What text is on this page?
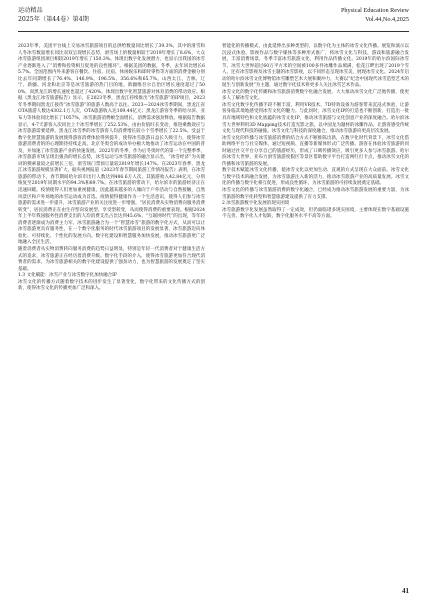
运动精品
2025年（第44卷）第4期
Physical Education Review
Vol.44,No.4,2025

2023年季，美团平台线上交易冰雪旅游项目的总供给数量同比增长了39.3%，其中的滑雪和人冬冰雪数量增长同比双双呈现增长态势，滑雪场上的数量相较于2019年增长了8.6%，大众冰雪旅游组团项目相较2019年增长了150.3%。体现出数字化发展潜力，也显示出我国的冰雪产业逐渐进入了“消费和投资相互促进的良性循环”。根据美团的数据，冬季，去年同比增长65.7%。全国范围内外来游客在餐饮、住宿、民宿、休闲娱乐和即时零售等方面的消费金额分别比去年同期增长了76.4%、146.9%、196.5%、356.6%和65.7%。山西太江、吉林、辽宁、新疆、河北和北京等是冰雪旅游的热门目的地。新疆维吾尔自治区增长速度超过了500%，而黑龙江的增长速度也超过了420%。体现出数字化智慧旅游对体育消费的带动效应。根据《黑龙江冰雪旅游报告》显示，在2023冬季，黑龙江持续推出“冰雪旅游”的IP项目，2023年冬季期间黑龙江接待“冰雪旅游”的旅游人数高于以往。2023—2024冰雪季期间，黑龙江省OTA旅游人数达4302.1万人次，OTA旅游收入达109.44亿元；黑龙江游客冬季的哈尔滨、亚布力等体验同比增长了1057%，冰雪旅游消费额全面增长，消费需求强劲释放。根据报告数据显示，4-7天游客入次同比上个冰雪季增长了252.53%，由由价值旺长变动，推进乘数效应与冰雪旅游需要延伸。黑龙江冰雪季的冰雪游客人均消费增长较小个雪季增长了22.5%。受益于数字化智慧旅游的发展使得游客消费体验得到提升，使得冰雪旅游日益长久吸引力，使得冰雪旅游消费者的的心理期待持续走高。北京冬奥会的成功举办极大地推动了冰雪运动在中国的普及，并加速了冰雪旅游产业的快速发展。2022年的冬季，作为后冬奥时代的第一个完整季季，冰雪旅游市场呈现出强劲的增长态势，冰雪运动与冰雪旅游的融合显示出，“冰雪经济”为关键词的搜索量较之前增长三倍，滑雪场门票预订量较2019年增长147%。在2023年春季，黑龙江冰雪旅游规模显著扩大，据央视网报道《2023年春节期间旅游工作情况报告》表明，在冰雪旅游的带动下，春节期间哈尔滨市出行人数达到486.6万人次，其旅游收入42.84亿元，分别恢复至2019年同期水平的94.3%和89.7%。在冰雪旅游的带动下，哈尔滨市的旅游经济正在迅速回暖。疫情使得人们更加重视健康，因此越来越多的人倾向于户外活动与自然接触，自然风景区和户外场地的冰雪运动成为首选。疫情使得健康作为一个生活意识，使得人们参与冰雪旅游的需求进一步提升，冰雪旅游产业的关注度进一步增强。“居民消费从实物消费向服务消费转变”，居民消费正在由生存型向发展型、享受型转变，从而使得消费的重要表现。根据2024年上半年我国服务性消费支出的人均消费支出占比达到45.6%，“互联网时代”的出现，等年轻消费者逐渐成为消费主力军，冰雪旅游融合为一个“智慧冰雪”旅游的数字化方式，从而可以让冰雪旅游更具有服务性，在一个数字化服务的时代冰雪旅游项目的发展显著，冰雪旅游迈向体验化、可持续化、个性化的发展方向。数字化建设和智慧服务加快发展，推动冰雪旅游更广泛地融入全民生活。

随着消费者从实物消费转向服务消费的趋势日益明显，特别是年轻一代消费者对于健康生活方式的追求，冰雪旅游正在经历着消费升级。数字化手段的介入，使得冰雪旅游更加符合现代消费者的需求，为冰雪旅游相关的数字化建设提供了强劲动力，也为智慧旅游的发展奠定了坚实基础。

1.3 文化赋能：冰雪产业与冰雪数字化加快融合IP

冰雪文化的传播方式随着数字技术的进步发生了显著变化，数字化带来的文化传播方式的创新，使得冰雪文化的传播更加广泛和深入。

智能化的传播模式，由此延伸出多种类型的，以数字化为主体的冰雪文化传播。展览和演示以沉浸式体验、影视作品与数字媒体等多种形式推广，将冰雪文化与科技、游戏和旅游融合发展，丰富消费场景，冬季丰富冰雪旅游文化，利用作品传播文化。2019年的哈尔滨国际冰雪节，冰雪大世界超过60万平方米的空间被100多件冰雕作品填满，松花江畔出现了2019个雪人，还有冰雪影视及冰雪主题的冰雪影视，以不同形态呈现冰雪美，展现冰雪文化。2024年启动的哈尔滨冰雪文化博物馆冰雪雕塑艺术大展和聚冲力，大赛以“纪念中国现代冰雪造型艺术的诞生与创新发展”为主题，通过数字化技术将更多人关注冰雪艺术作品。

冰雪文化的数字化传播和冰雪旅游消费数字化融合发展，大大推动冰雪文化广泛地传播，使更多人了解冰雪文化。

冰雪文化数字化传播手段不断丰富，利用VR技术、7D特效设备为游客带来沉浸式体验，让游客身临其境地感受到冰雪文化的魅力。与此同时，冰雪文化IP的打造也不断创新，打造出一批具有地域特色和文化底蕴的冰雪文化IP，推动冰雪旅游与文化创意产业的深度融合。哈尔滨冰雪大世界利用3D Mapping技术打造光影之旅，以中国龙为题材的冰雕作品，让游客感受传统文化与现代科技的碰撞。冰雪文化与科技的深度融合，推动冰雪旅游向更高层次发展。

冰雪文化的传播与冰雪旅游消费的结合方式不断推陈出新，在数字化时代背景下，冰雪文化借助网络平台与社交媒体，通过短视频、直播等新媒体形式广泛传播。游客在体验冰雪旅游的同时通过社交平台分享自己的旅游经历，形成了口碑传播效应，吸引更多人参与冰雪旅游。哈尔滨冰雪大世界、亚布力滑雪旅游度假区等景区借助数字平台打造网红打卡点，推动冰雪文化的传播和冰雪旅游的发展。

数字技术赋能冰雪文化传播，使冰雪文化以更加生动、直观的方式呈现在大众面前。冰雪文化与数字技术的融合发展，为冰雪旅游注入新的活力，推动冰雪旅游产业的高质量发展。冰雪文化的传播与数字化相互促进，形成良性循环，为冰雪旅游的可持续发展奠定基础。

冰雪文化的传播与冰雪旅游消费的数字化融合，已经成为推动冰雪旅游发展的重要力量，为冰雪旅游的数字化转型和智慧旅游建设提供了有力支撑。

2 冰雪旅游数字化发展的现实困境

冰雪旅游数字化发展虽然取得了一定成效，但仍面临诸多现实困境，主要体现在数字基础设施不完善、数字化人才短缺、数字化服务水平不高等方面。

41
